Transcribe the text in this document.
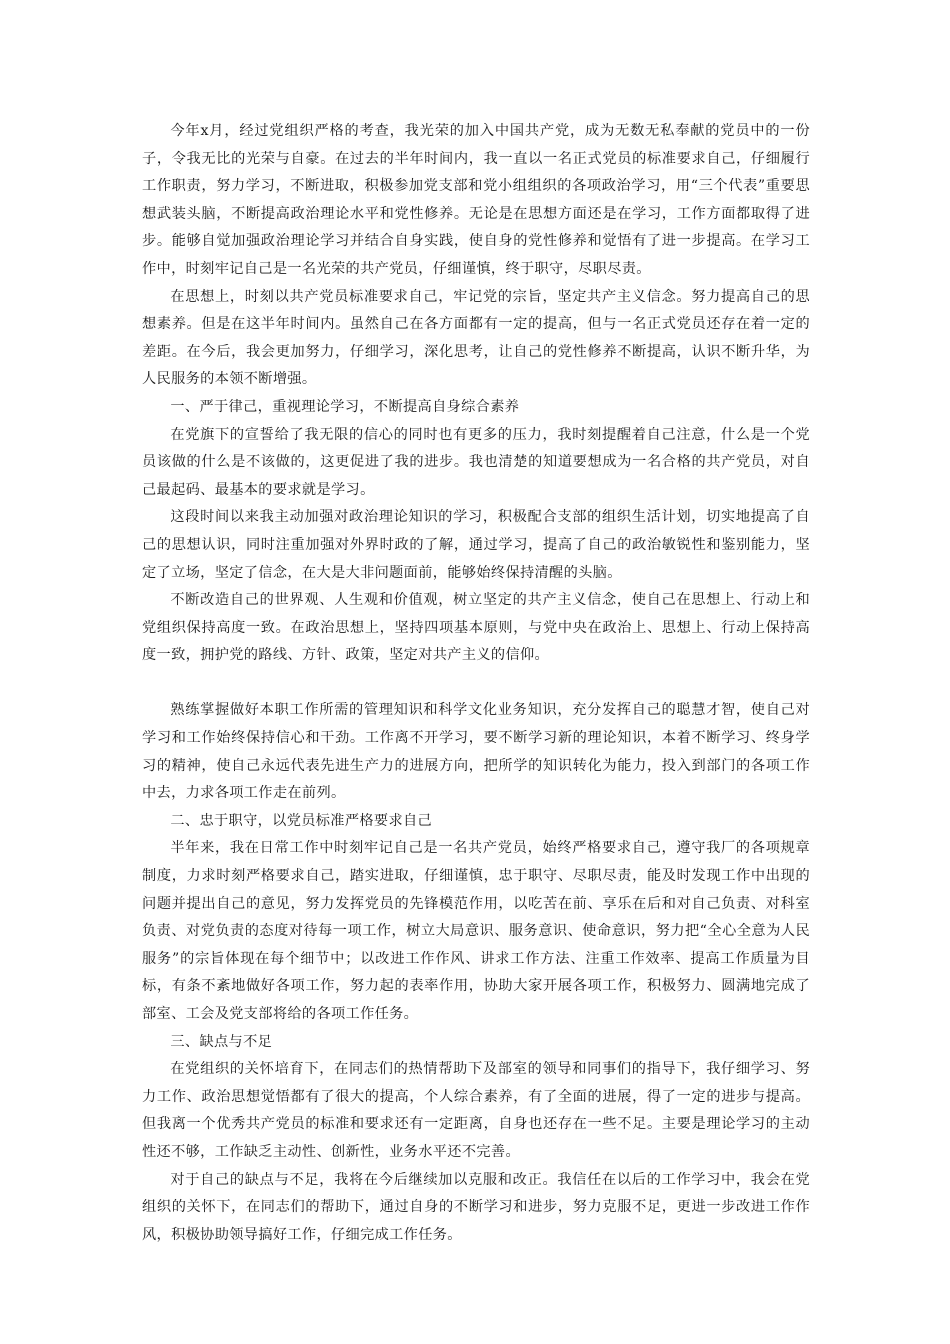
今年x月，经过党组织严格的考查，我光荣的加入中国共产党，成为无数无私奉献的党员中的一份子，令我无比的光荣与自豪。在过去的半年时间内，我一直以一名正式党员的标准要求自己，仔细履行工作职责，努力学习，不断进取，积极参加党支部和党小组组织的各项政治学习，用“三个代表”重要思想武装头脑，不断提高政治理论水平和党性修养。无论是在思想方面还是在学习，工作方面都取得了进步。能够自觉加强政治理论学习并结合自身实践，使自身的党性修养和觉悟有了进一步提高。在学习工作中，时刻牢记自己是一名光荣的共产党员，仔细谨慎，终于职守，尽职尽责。

在思想上，时刻以共产党员标准要求自己，牢记党的宗旨，坚定共产主义信念。努力提高自己的思想素养。但是在这半年时间内。虽然自己在各方面都有一定的提高，但与一名正式党员还存在着一定的差距。在今后，我会更加努力，仔细学习，深化思考，让自己的党性修养不断提高，认识不断升华，为人民服务的本领不断增强。

一、严于律己，重视理论学习，不断提高自身综合素养

在党旗下的宣誓给了我无限的信心的同时也有更多的压力，我时刻提醒着自己注意，什么是一个党员该做的什么是不该做的，这更促进了我的进步。我也清楚的知道要想成为一名合格的共产党员，对自己最起码、最基本的要求就是学习。

这段时间以来我主动加强对政治理论知识的学习，积极配合支部的组织生活计划，切实地提高了自己的思想认识，同时注重加强对外界时政的了解，通过学习，提高了自己的政治敏锐性和鉴别能力，坚定了立场，坚定了信念，在大是大非问题面前，能够始终保持清醒的头脑。

不断改造自己的世界观、人生观和价值观，树立坚定的共产主义信念，使自己在思想上、行动上和党组织保持高度一致。在政治思想上，坚持四项基本原则，与党中央在政治上、思想上、行动上保持高度一致，拥护党的路线、方针、政策，坚定对共产主义的信仰。

熟练掌握做好本职工作所需的管理知识和科学文化业务知识，充分发挥自己的聪慧才智，使自己对学习和工作始终保持信心和干劲。工作离不开学习，要不断学习新的理论知识，本着不断学习、终身学习的精神，使自己永远代表先进生产力的进展方向，把所学的知识转化为能力，投入到部门的各项工作中去，力求各项工作走在前列。

二、忠于职守，以党员标准严格要求自己

半年来，我在日常工作中时刻牢记自己是一名共产党员，始终严格要求自己，遵守我厂的各项规章制度，力求时刻严格要求自己，踏实进取，仔细谨慎，忠于职守、尽职尽责，能及时发现工作中出现的问题并提出自己的意见，努力发挥党员的先锋模范作用，以吃苦在前、享乐在后和对自己负责、对科室负责、对党负责的态度对待每一项工作，树立大局意识、服务意识、使命意识，努力把“全心全意为人民服务”的宗旨体现在每个细节中；以改进工作作风、讲求工作方法、注重工作效率、提高工作质量为目标，有条不紊地做好各项工作，努力起的表率作用，协助大家开展各项工作，积极努力、圆满地完成了部室、工会及党支部将给的各项工作任务。

三、缺点与不足

在党组织的关怀培育下，在同志们的热情帮助下及部室的领导和同事们的指导下，我仔细学习、努力工作、政治思想觉悟都有了很大的提高，个人综合素养，有了全面的进展，得了一定的进步与提高。但我离一个优秀共产党员的标准和要求还有一定距离，自身也还存在一些不足。主要是理论学习的主动性还不够，工作缺乏主动性、创新性，业务水平还不完善。

对于自己的缺点与不足，我将在今后继续加以克服和改正。我信任在以后的工作学习中，我会在党组织的关怀下，在同志们的帮助下，通过自身的不断学习和进步，努力克服不足，更进一步改进工作作风，积极协助领导搞好工作，仔细完成工作任务。
